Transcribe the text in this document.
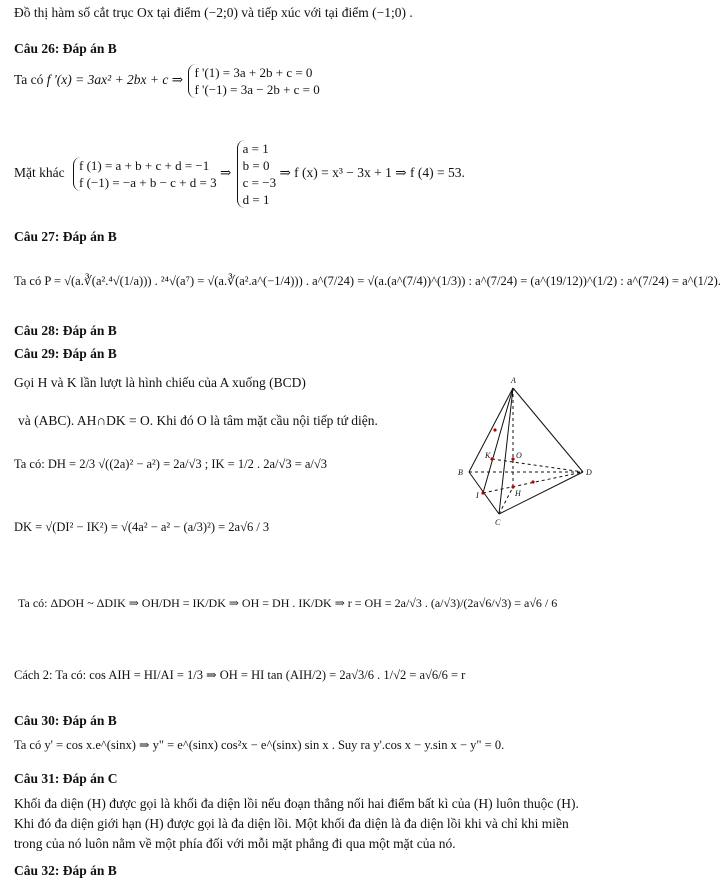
Đồ thị hàm số cắt trục Ox tại điểm (−2;0) và tiếp xúc với tại điểm (−1;0) .
Câu 26: Đáp án B
Ta có f '(x) = 3ax² + 2bx + c ⇒ f '(1) = 3a + 2b + c = 0
f '(−1) = 3a − 2b + c = 0
Mặt khác f (1) = a + b + c + d = −1
f (−1) = −a + b − c + d = 3
⇒
a = 1
b = 0
c = −3
d = 1
⇒ f (x) = x³ − 3x + 1 ⇒ f (4) = 53.
Câu 27: Đáp án B
Ta có P = √(a.∛(a².⁴√(1/a))) . ²⁴√(a⁷) = √(a.∛(a².a^(−1/4))) . a^(7/24) = √(a.(a^(7/4))^(1/3)) : a^(7/24) = (a^(19/12))^(1/2) : a^(7/24) = a^(1/2).
Câu 28: Đáp án B
Câu 29: Đáp án B
Gọi H và K lần lượt là hình chiếu của A xuống (BCD)
và (ABC). AH∩DK = O. Khi đó O là tâm mặt cầu nội tiếp tứ diện.
Ta có: DH = 2/3 √((2a)² − a²) = 2a/√3 ; IK = 1/2 . 2a/√3 = a/√3
DK = √(DI² − IK²) = √(4a² − a² − (a/3)²) = 2a√6 / 3
Ta có: ΔDOH ~ ΔDIK ⇒ OH/DH = IK/DK ⇒ OH = DH . IK/DK ⇒ r = OH = 2a/√3 . (a/√3)/(2a√6/√3) = a√6 / 6
Cách 2: Ta có: cos AIH = HI/AI = 1/3 ⇒ OH = HI tan (AIH/2) = 2a√3/6 . 1/√2 = a√6/6 = r
A
B
C
D
K	O
H
I
Câu 30: Đáp án B
Ta có y' = cos x.e^(sinx) ⇒ y" = e^(sinx) cos²x − e^(sinx) sin x . Suy ra y'.cos x − y.sin x − y" = 0.
Câu 31: Đáp án C
Khối đa diện (H) được gọi là khối đa diện lồi nếu đoạn thẳng nối hai điểm bất kì của (H) luôn thuộc (H).
Khi đó đa diện giới hạn (H) được gọi là đa diện lồi. Một khối đa diện là đa diện lồi khi và chỉ khi miền
trong của nó luôn nằm về một phía đối với mỗi mặt phẳng đi qua một mặt của nó.
Câu 32: Đáp án B
